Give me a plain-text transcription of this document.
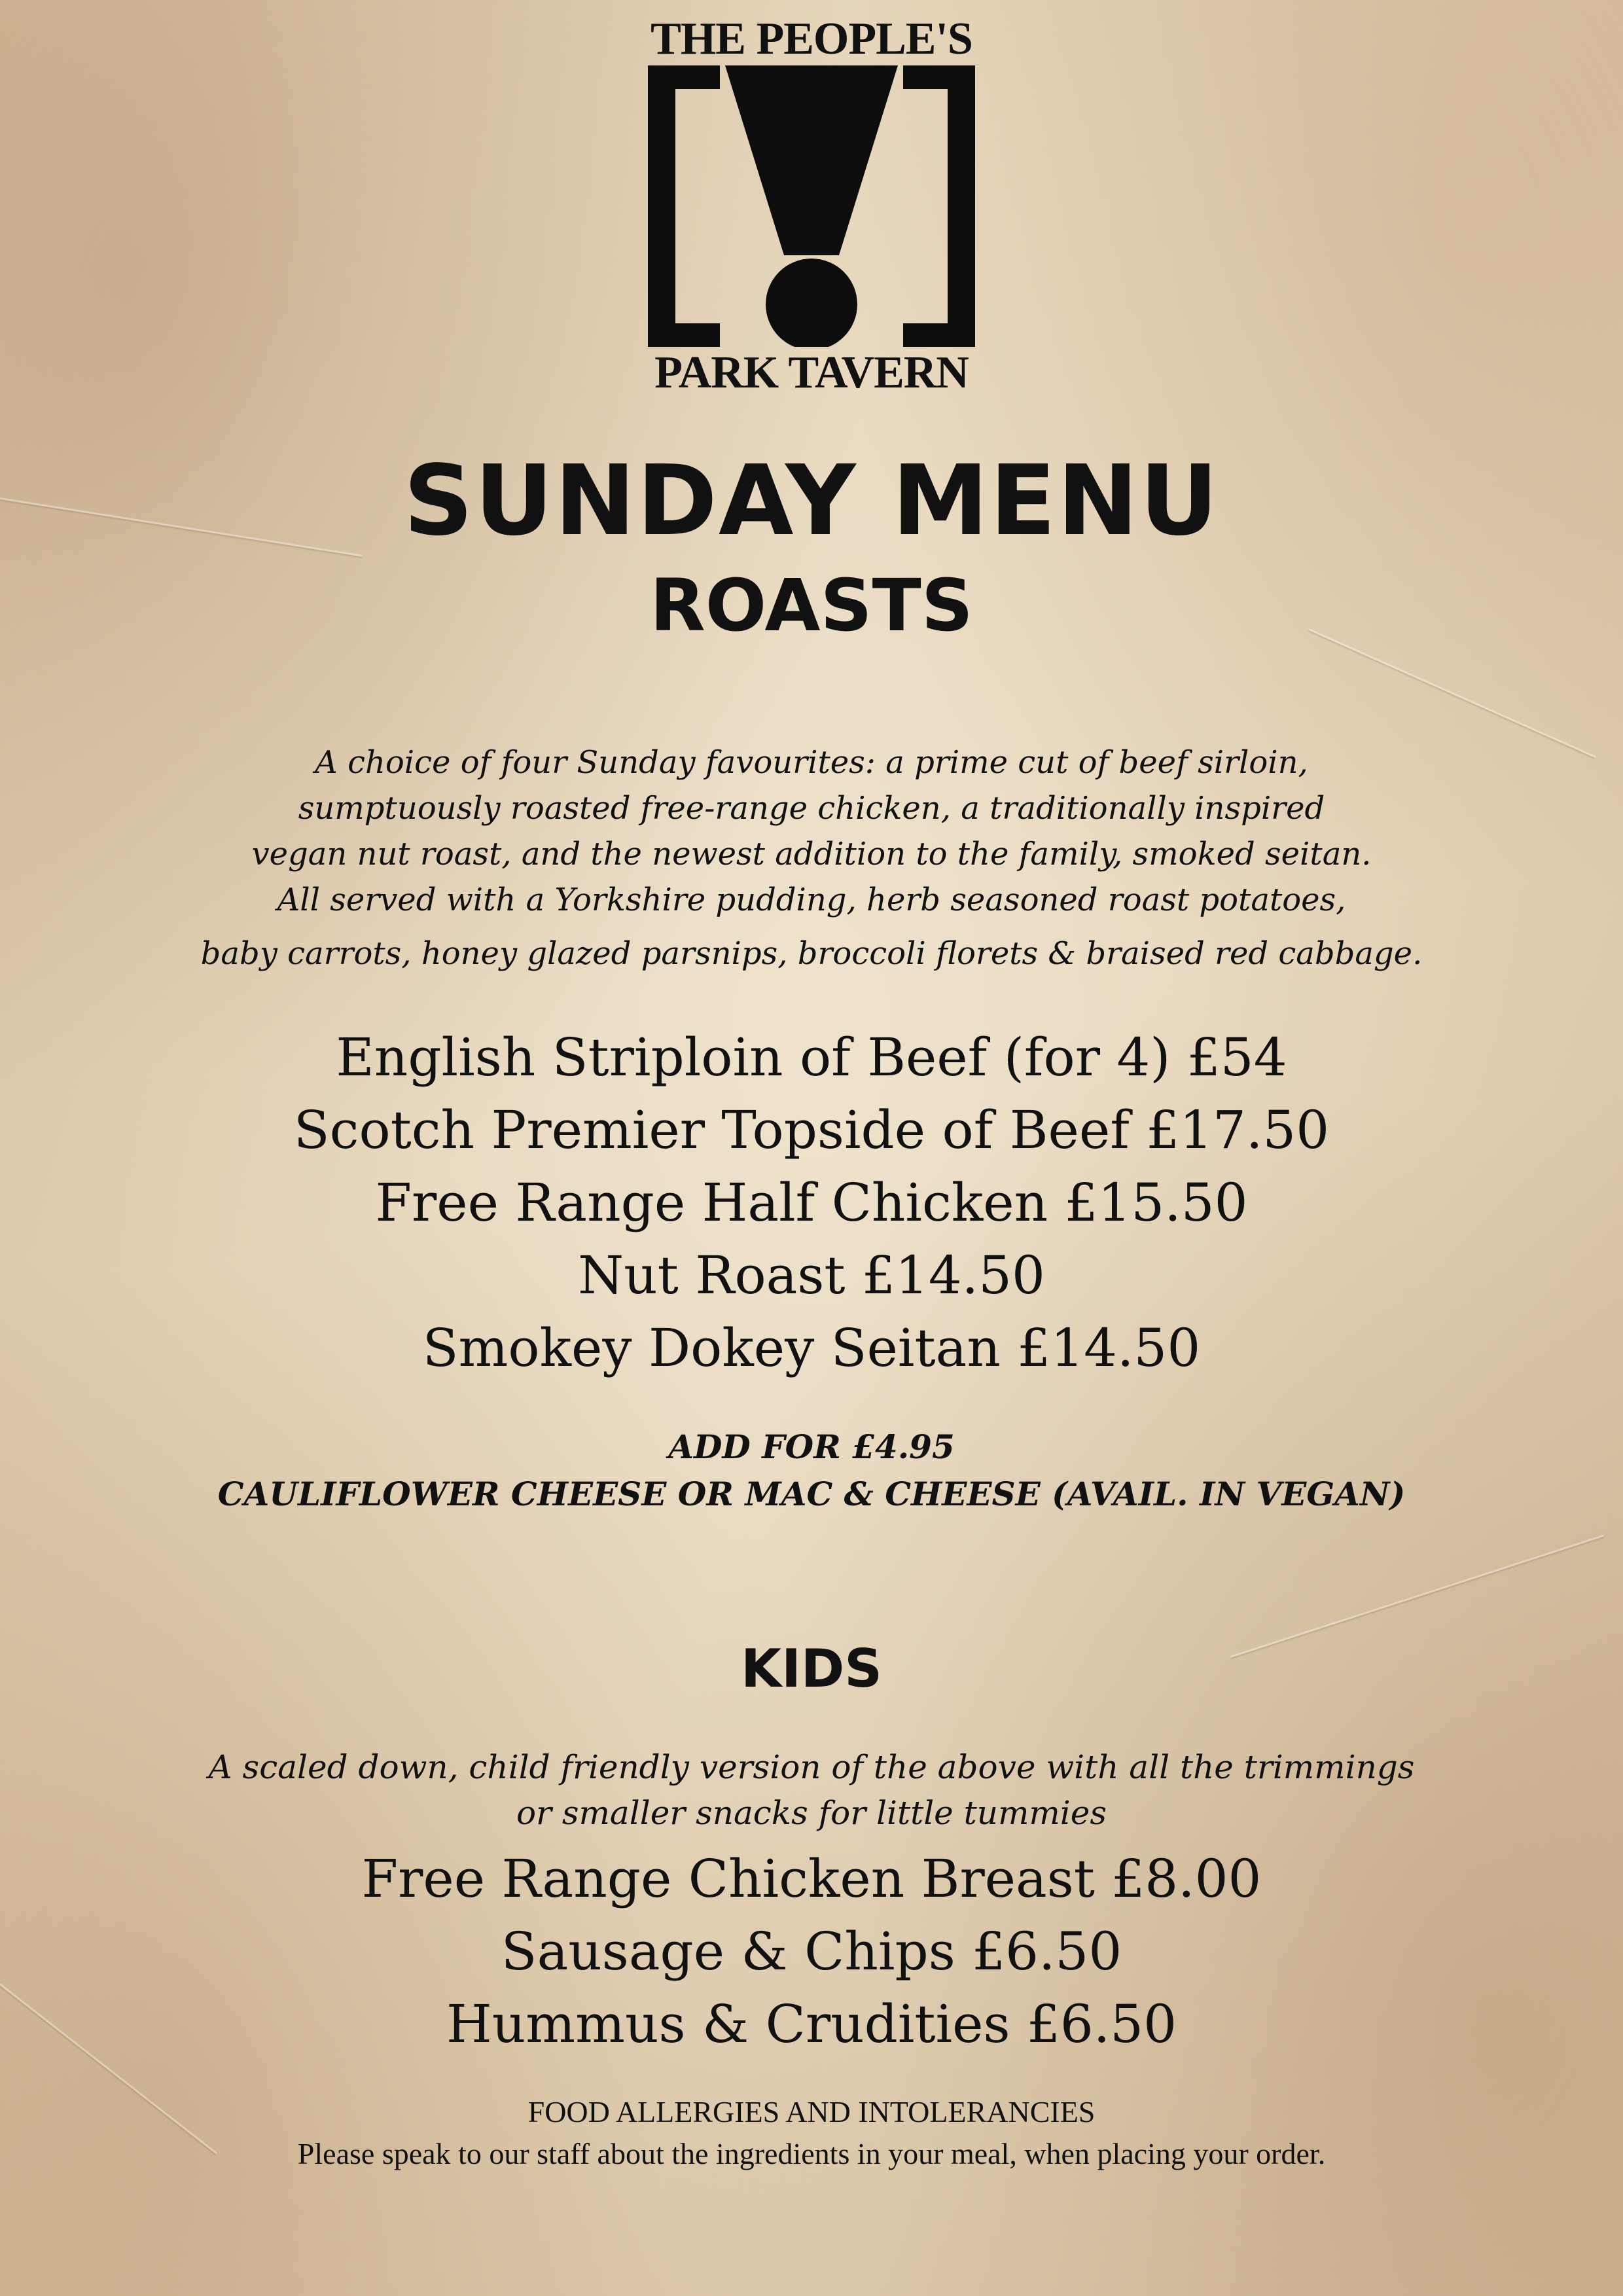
THE PEOPLE'S
PARK TAVERN
SUNDAY MENU
ROASTS
A choice of four Sunday favourites: a prime cut of beef sirloin,
sumptuously roasted free-range chicken, a traditionally inspired
vegan nut roast, and the newest addition to the family, smoked seitan.
All served with a Yorkshire pudding, herb seasoned roast potatoes,
baby carrots, honey glazed parsnips, broccoli florets & braised red cabbage.
English Striploin of Beef (for 4) £54
Scotch Premier Topside of Beef £17.50
Free Range Half Chicken £15.50
Nut Roast £14.50
Smokey Dokey Seitan £14.50
ADD FOR £4.95
CAULIFLOWER CHEESE OR MAC & CHEESE (AVAIL. IN VEGAN)
KIDS
A scaled down, child friendly version of the above with all the trimmings
or smaller snacks for little tummies
Free Range Chicken Breast £8.00
Sausage & Chips £6.50
Hummus & Crudities £6.50
FOOD ALLERGIES AND INTOLERANCIES
Please speak to our staff about the ingredients in your meal, when placing your order.
